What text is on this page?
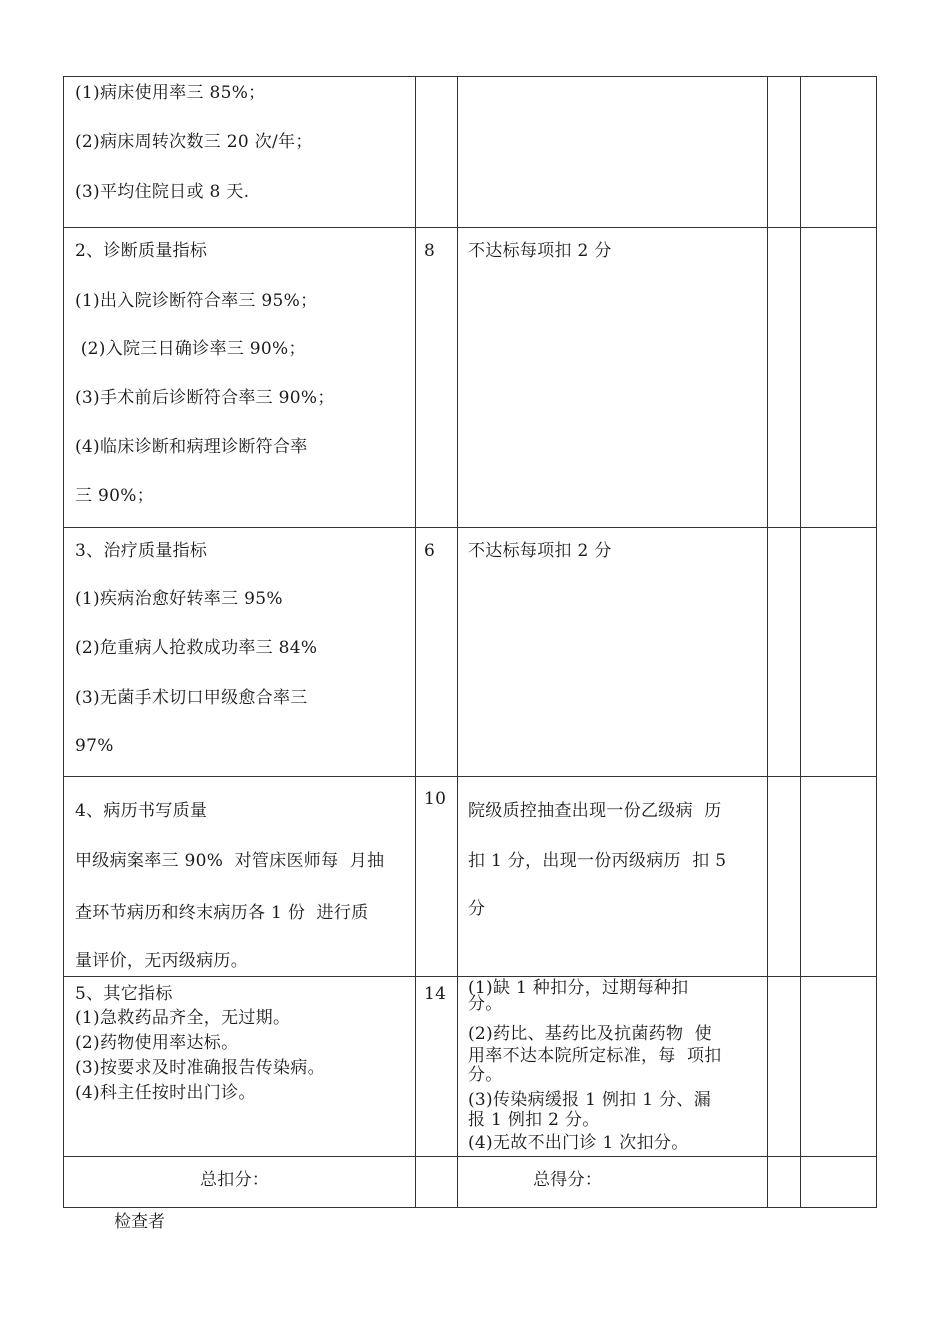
(1)病床使用率三 85%；
(2)病床周转次数三 20 次/年；
(3)平均住院日或 8 天.
2、诊断质量指标
(1)出入院诊断符合率三 95%；
(2)入院三日确诊率三 90%；
(3)手术前后诊断符合率三 90%；
(4)临床诊断和病理诊断符合率
三 90%；
8 不达标每项扣 2 分
3、治疗质量指标
(1)疾病治愈好转率三 95%
(2)危重病人抢救成功率三 84%
(3)无菌手术切口甲级愈合率三
97%
6 不达标每项扣 2 分
4、病历书写质量
甲级病案率三 90%  对管床医师每  月抽
查环节病历和终末病历各 1 份  进行质
量评价，无丙级病历。
10
院级质控抽查出现一份乙级病  历
扣 1 分，出现一份丙级病历  扣 5
分
5、其它指标
(1)急救药品齐全，无过期。
(2)药物使用率达标。
(3)按要求及时准确报告传染病。
(4)科主任按时出门诊。
14 (1)缺 1 种扣分，过期每种扣
分。
(2)药比、基药比及抗菌药物  使
用率不达本院所定标准，每  项扣
分。
(3)传染病缓报 1 例扣 1 分、漏
报 1 例扣 2 分。
(4)无故不出门诊 1 次扣分。
总扣分：	总得分：
检查者
